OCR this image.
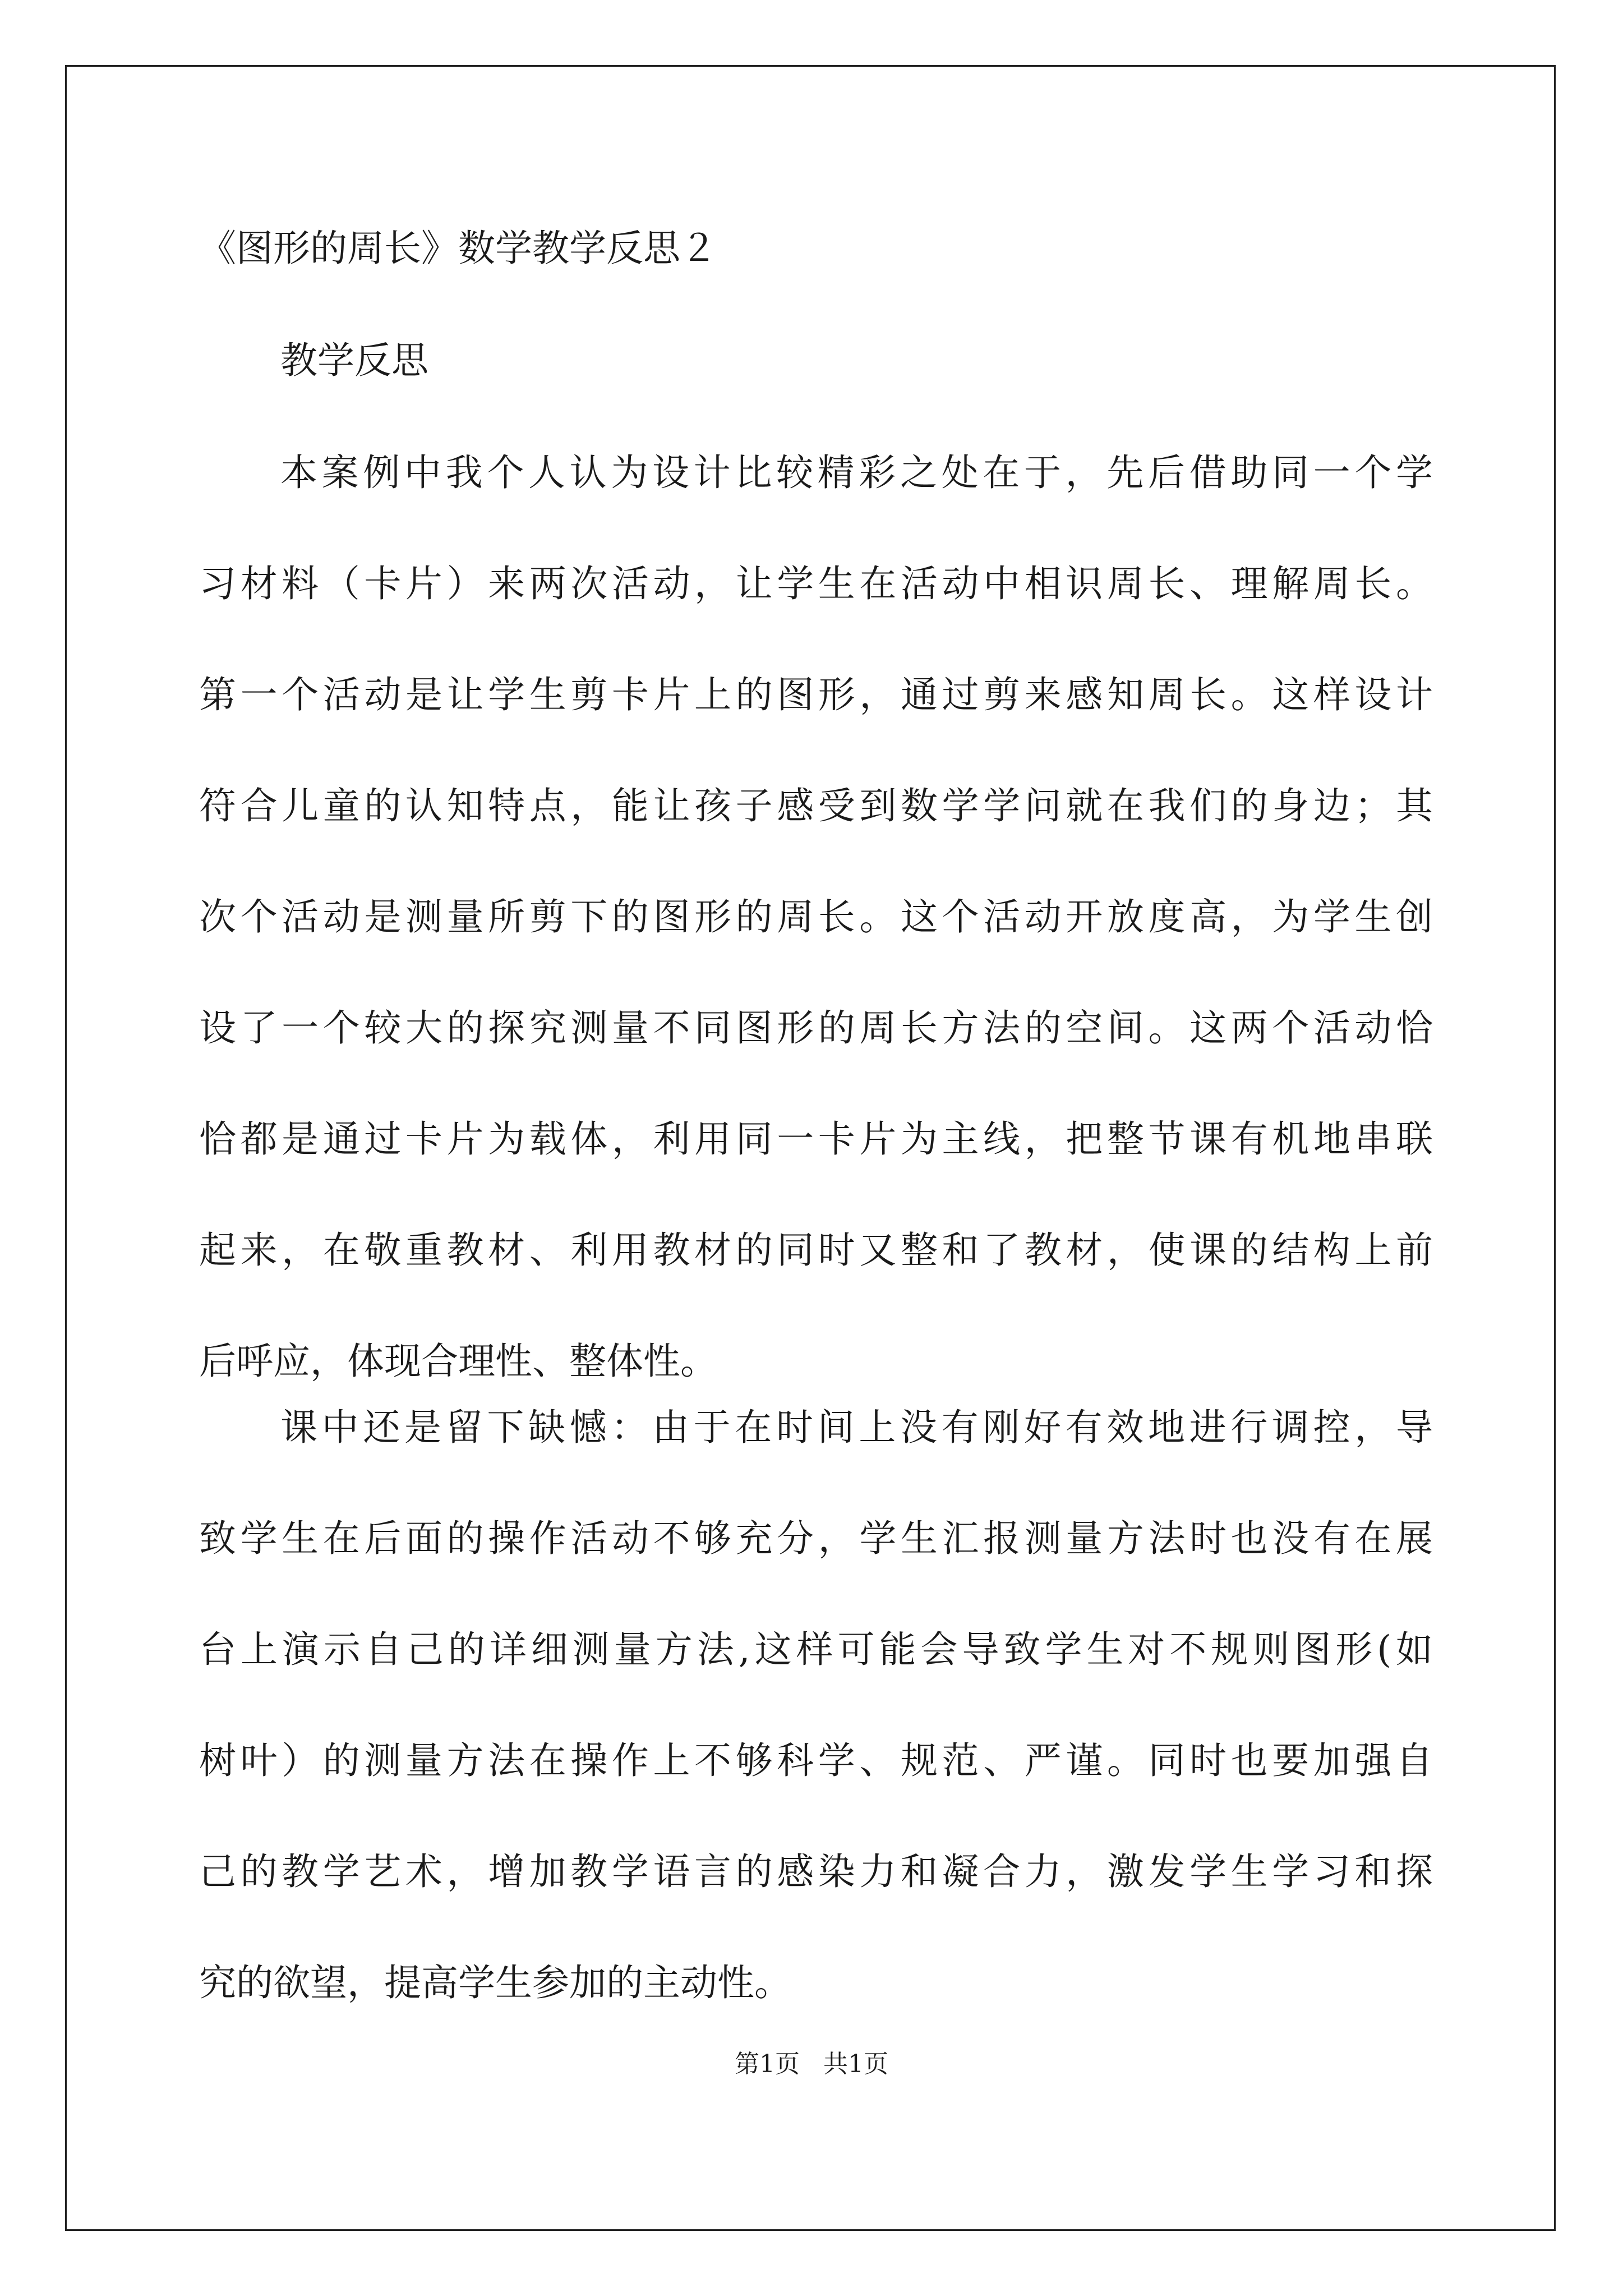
《图形的周长》数学教学反思２
教学反思
本案例中我个人认为设计比较精彩之处在于，先后借助同一个学
习材料（卡片）来两次活动，让学生在活动中相识周长、理解周长。
第一个活动是让学生剪卡片上的图形，通过剪来感知周长。这样设计
符合儿童的认知特点，能让孩子感受到数学学问就在我们的身边；其
次个活动是测量所剪下的图形的周长。这个活动开放度高，为学生创
设了一个较大的探究测量不同图形的周长方法的空间。这两个活动恰
恰都是通过卡片为载体，利用同一卡片为主线，把整节课有机地串联
起来，在敬重教材、利用教材的同时又整和了教材，使课的结构上前
后呼应，体现合理性、整体性。
课中还是留下缺憾：由于在时间上没有刚好有效地进行调控，导
致学生在后面的操作活动不够充分，学生汇报测量方法时也没有在展
台上演示自己的详细测量方法,这样可能会导致学生对不规则图形(如
树叶）的测量方法在操作上不够科学、规范、严谨。同时也要加强自
己的教学艺术，增加教学语言的感染力和凝合力，激发学生学习和探
究的欲望，提高学生参加的主动性。
第1页   共1页
